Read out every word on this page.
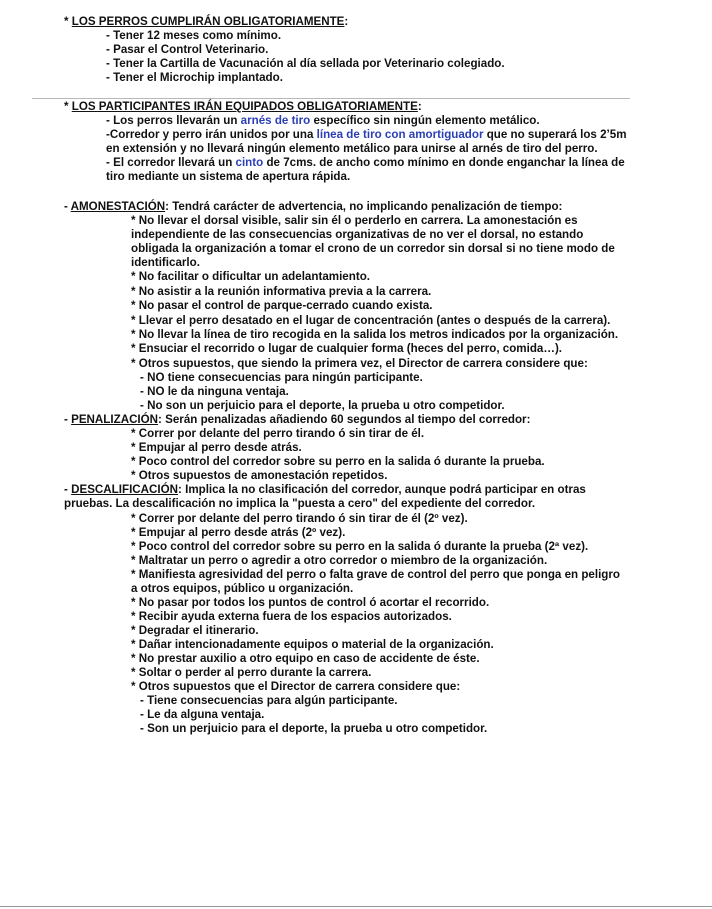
* LOS PERROS CUMPLIRÁN OBLIGATORIAMENTE:
- Tener 12 meses como mínimo.
- Pasar el Control Veterinario.
- Tener la Cartilla de Vacunación al día sellada por Veterinario colegiado.
- Tener el Microchip implantado.
* LOS PARTICIPANTES IRÁN EQUIPADOS OBLIGATORIAMENTE:
- Los perros llevarán un arnés de tiro específico sin ningún elemento metálico.
-Corredor y perro irán unidos por una línea de tiro con amortiguador que no superará los 2’5m
en extensión y no llevará ningún elemento metálico para unirse al arnés de tiro del perro.
- El corredor llevará un cinto de 7cms. de ancho como mínimo en donde enganchar la línea de
tiro mediante un sistema de apertura rápida.
- AMONESTACIÓN: Tendrá carácter de advertencia, no implicando penalización de tiempo:
* No llevar el dorsal visible, salir sin él o perderlo en carrera. La amonestación es
independiente de las consecuencias organizativas de no ver el dorsal, no estando
obligada la organización a tomar el crono de un corredor sin dorsal si no tiene modo de
identificarlo.
* No facilitar o dificultar un adelantamiento.
* No asistir a la reunión informativa previa a la carrera.
* No pasar el control de parque-cerrado cuando exista.
* Llevar el perro desatado en el lugar de concentración (antes o después de la carrera).
* No llevar la línea de tiro recogida en la salida los metros indicados por la organización.
* Ensuciar el recorrido o lugar de cualquier forma (heces del perro, comida…).
* Otros supuestos, que siendo la primera vez, el Director de carrera considere que:
- NO tiene consecuencias para ningún participante.
- NO le da ninguna ventaja.
- No son un perjuicio para el deporte, la prueba u otro competidor.
- PENALIZACIÓN: Serán penalizadas añadiendo 60 segundos al tiempo del corredor:
* Correr por delante del perro tirando ó sin tirar de él.
* Empujar al perro desde atrás.
* Poco control del corredor sobre su perro en la salida ó durante la prueba.
* Otros supuestos de amonestación repetidos.
- DESCALIFICACIÓN: Implica la no clasificación del corredor, aunque podrá participar en otras
pruebas. La descalificación no implica la "puesta a cero" del expediente del corredor.
* Correr por delante del perro tirando ó sin tirar de él (2º vez).
* Empujar al perro desde atrás (2º vez).
* Poco control del corredor sobre su perro en la salida ó durante la prueba (2ª vez).
* Maltratar un perro o agredir a otro corredor o miembro de la organización.
* Manifiesta agresividad del perro o falta grave de control del perro que ponga en peligro
a otros equipos, público u organización.
* No pasar por todos los puntos de control ó acortar el recorrido.
* Recibir ayuda externa fuera de los espacios autorizados.
* Degradar el itinerario.
* Dañar intencionadamente equipos o material de la organización.
* No prestar auxilio a otro equipo en caso de accidente de éste.
* Soltar o perder al perro durante la carrera.
* Otros supuestos que el Director de carrera considere que:
- Tiene consecuencias para algún participante.
- Le da alguna ventaja.
- Son un perjuicio para el deporte, la prueba u otro competidor.
